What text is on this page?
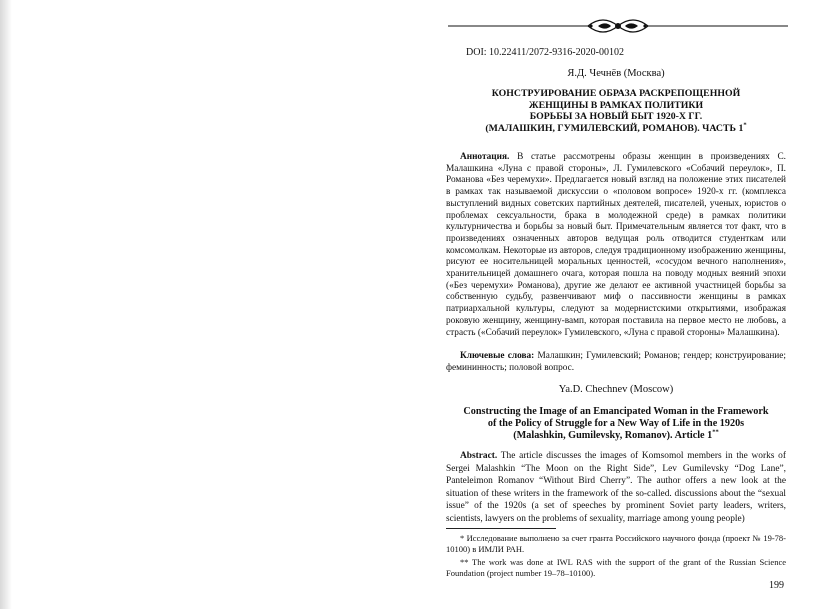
DOI: 10.22411/2072-9316-2020-00102
Я.Д. Чечнёв (Москва)
КОНСТРУИРОВАНИЕ ОБРАЗА РАСКРЕПОЩЕННОЙ
ЖЕНЩИНЫ В РАМКАХ ПОЛИТИКИ
БОРЬБЫ ЗА НОВЫЙ БЫТ 1920-Х ГГ.
(МАЛАШКИН, ГУМИЛЕВСКИЙ, РОМАНОВ). ЧАСТЬ 1*
Аннотация. В статье рассмотрены образы женщин в произведениях С. Малашкина «Луна с правой стороны», Л. Гумилевского «Собачий переулок», П. Романова «Без черемухи». Предлагается новый взгляд на положение этих писателей в рамках так называемой дискуссии о «половом вопросе» 1920-х гг. (комплекса выступлений видных советских партийных деятелей, писателей, ученых, юристов о проблемах сексуальности, брака в молодежной среде) в рамках политики культурничества и борьбы за новый быт. Примечательным является тот факт, что в произведениях означенных авторов ведущая роль отводится студенткам или комсомолкам. Некоторые из авторов, следуя традиционному изображению женщины, рисуют ее носительницей моральных ценностей, «сосудом вечного наполнения», хранительницей домашнего очага, которая пошла на поводу модных веяний эпохи («Без черемухи» Романова), другие же делают ее активной участницей борьбы за собственную судьбу, развенчивают миф о пассивности женщины в рамках патриархальной культуры, следуют за модернистскими открытиями, изображая роковую женщину, женщину-вамп, которая поставила на первое место не любовь, а страсть («Собачий переулок» Гумилевского, «Луна с правой стороны» Малашкина).
Ключевые слова: Малашкин; Гумилевский; Романов; гендер; конструирование; фемининность; половой вопрос.
Ya.D. Chechnev (Moscow)
Constructing the Image of an Emancipated Woman in the Framework
of the Policy of Struggle for a New Way of Life in the 1920s
(Malashkin, Gumilevsky, Romanov). Article 1**
Abstract. The article discusses the images of Komsomol members in the works of Sergei Malashkin “The Moon on the Right Side”, Lev Gumilevsky “Dog Lane”, Panteleimon Romanov “Without Bird Cherry”. The author offers a new look at the situation of these writers in the framework of the so-called. discussions about the “sexual issue” of the 1920s (a set of speeches by prominent Soviet party leaders, writers, scientists, lawyers on the problems of sexuality, marriage among young people)
* Исследование выполнено за счет гранта Российского научного фонда (проект № 19-78-10100) в ИМЛИ РАН.
** The work was done at IWL RAS with the support of the grant of the Russian Science Foundation (project number 19–78–10100).
199
